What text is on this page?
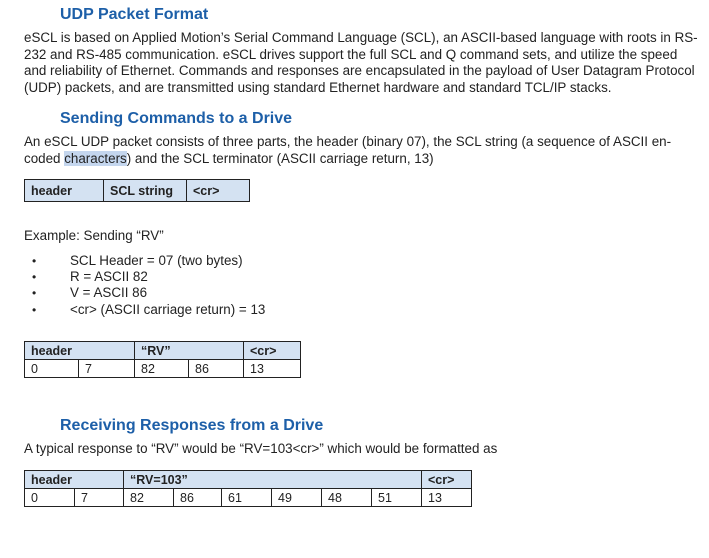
UDP Packet Format

eSCL is based on Applied Motion’s Serial Command Language (SCL), an ASCII-based language with roots in RS-
232 and RS-485 communication. eSCL drives support the full SCL and Q command sets, and utilize the speed
and reliability of Ethernet. Commands and responses are encapsulated in the payload of User Datagram Protocol
(UDP) packets, and are transmitted using standard Ethernet hardware and standard TCL/IP stacks.

Sending Commands to a Drive

An eSCL UDP packet consists of three parts, the header (binary 07), the SCL string (a sequence of ASCII en-
coded characters) and the SCL terminator (ASCII carriage return, 13)

header	SCL string	<cr>

Example: Sending “RV”

• SCL Header = 07 (two bytes)
• R = ASCII 82
• V = ASCII 86
• <cr> (ASCII carriage return) = 13
header		“RV”		<cr>
0	7	82	86	13
Receiving Responses from a Drive

A typical response to “RV” would be “RV=103<cr>” which would be formatted as

header		“RV=103”						<cr>
0	7	82	86	61	49	48	51	13
